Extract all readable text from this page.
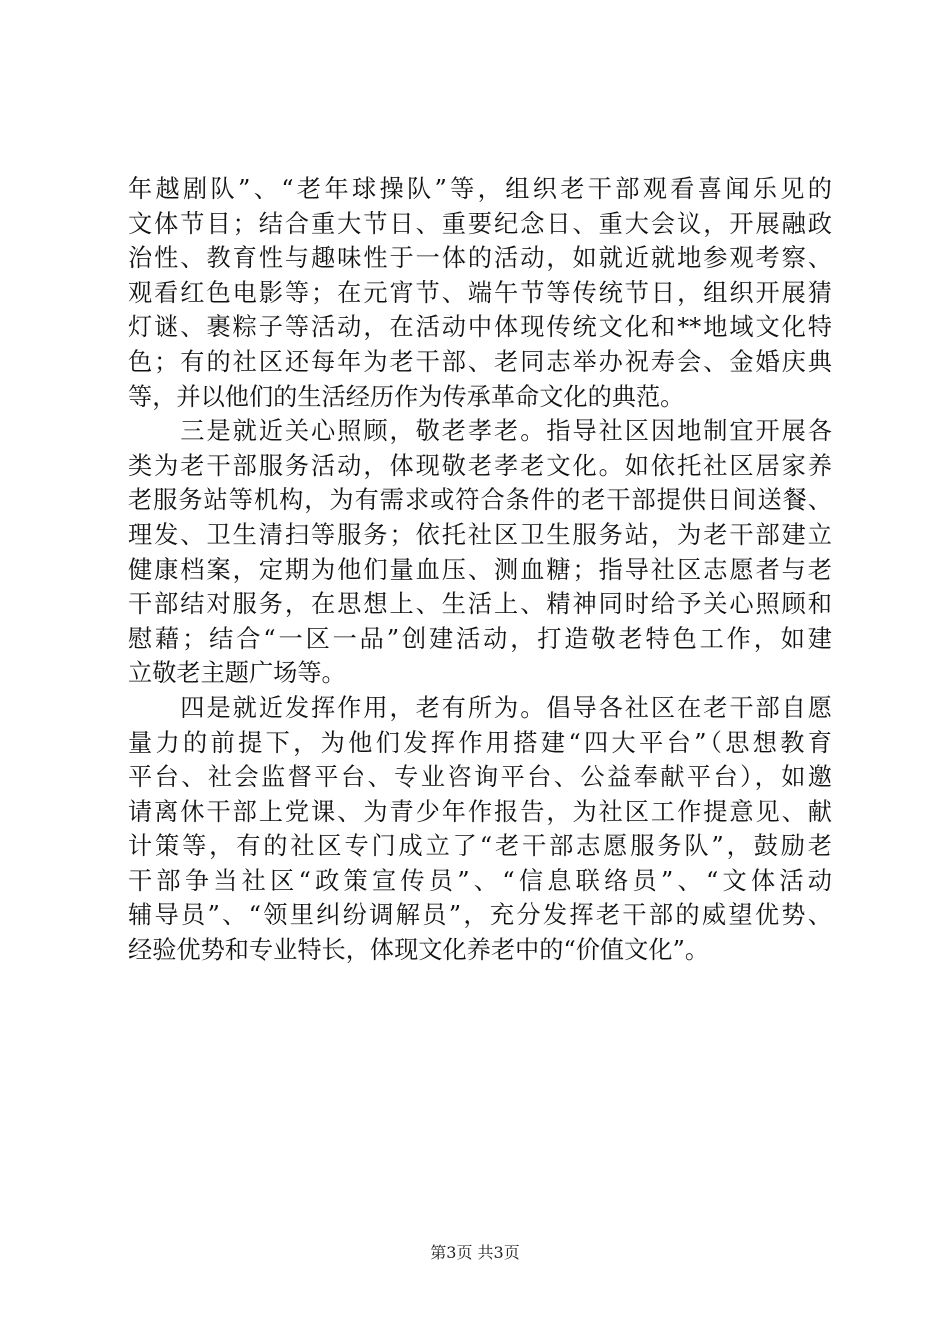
年越剧队”、“老年球操队”等，组织老干部观看喜闻乐见的
文体节目；结合重大节日、重要纪念日、重大会议，开展融政
治性、教育性与趣味性于一体的活动，如就近就地参观考察、
观看红色电影等；在元宵节、端午节等传统节日，组织开展猜
灯谜、裹粽子等活动，在活动中体现传统文化和**地域文化特
色；有的社区还每年为老干部、老同志举办祝寿会、金婚庆典
等，并以他们的生活经历作为传承革命文化的典范。
　　三是就近关心照顾，敬老孝老。指导社区因地制宜开展各
类为老干部服务活动，体现敬老孝老文化。如依托社区居家养
老服务站等机构，为有需求或符合条件的老干部提供日间送餐、
理发、卫生清扫等服务；依托社区卫生服务站，为老干部建立
健康档案，定期为他们量血压、测血糖；指导社区志愿者与老
干部结对服务，在思想上、生活上、精神同时给予关心照顾和
慰藉；结合“一区一品”创建活动，打造敬老特色工作，如建
立敬老主题广场等。
　　四是就近发挥作用，老有所为。倡导各社区在老干部自愿
量力的前提下，为他们发挥作用搭建“四大平台”（思想教育
平台、社会监督平台、专业咨询平台、公益奉献平台），如邀
请离休干部上党课、为青少年作报告，为社区工作提意见、献
计策等，有的社区专门成立了“老干部志愿服务队”，鼓励老
干部争当社区“政策宣传员”、“信息联络员”、“文体活动
辅导员”、“领里纠纷调解员”，充分发挥老干部的威望优势、
经验优势和专业特长，体现文化养老中的“价值文化”。
第3页 共3页
